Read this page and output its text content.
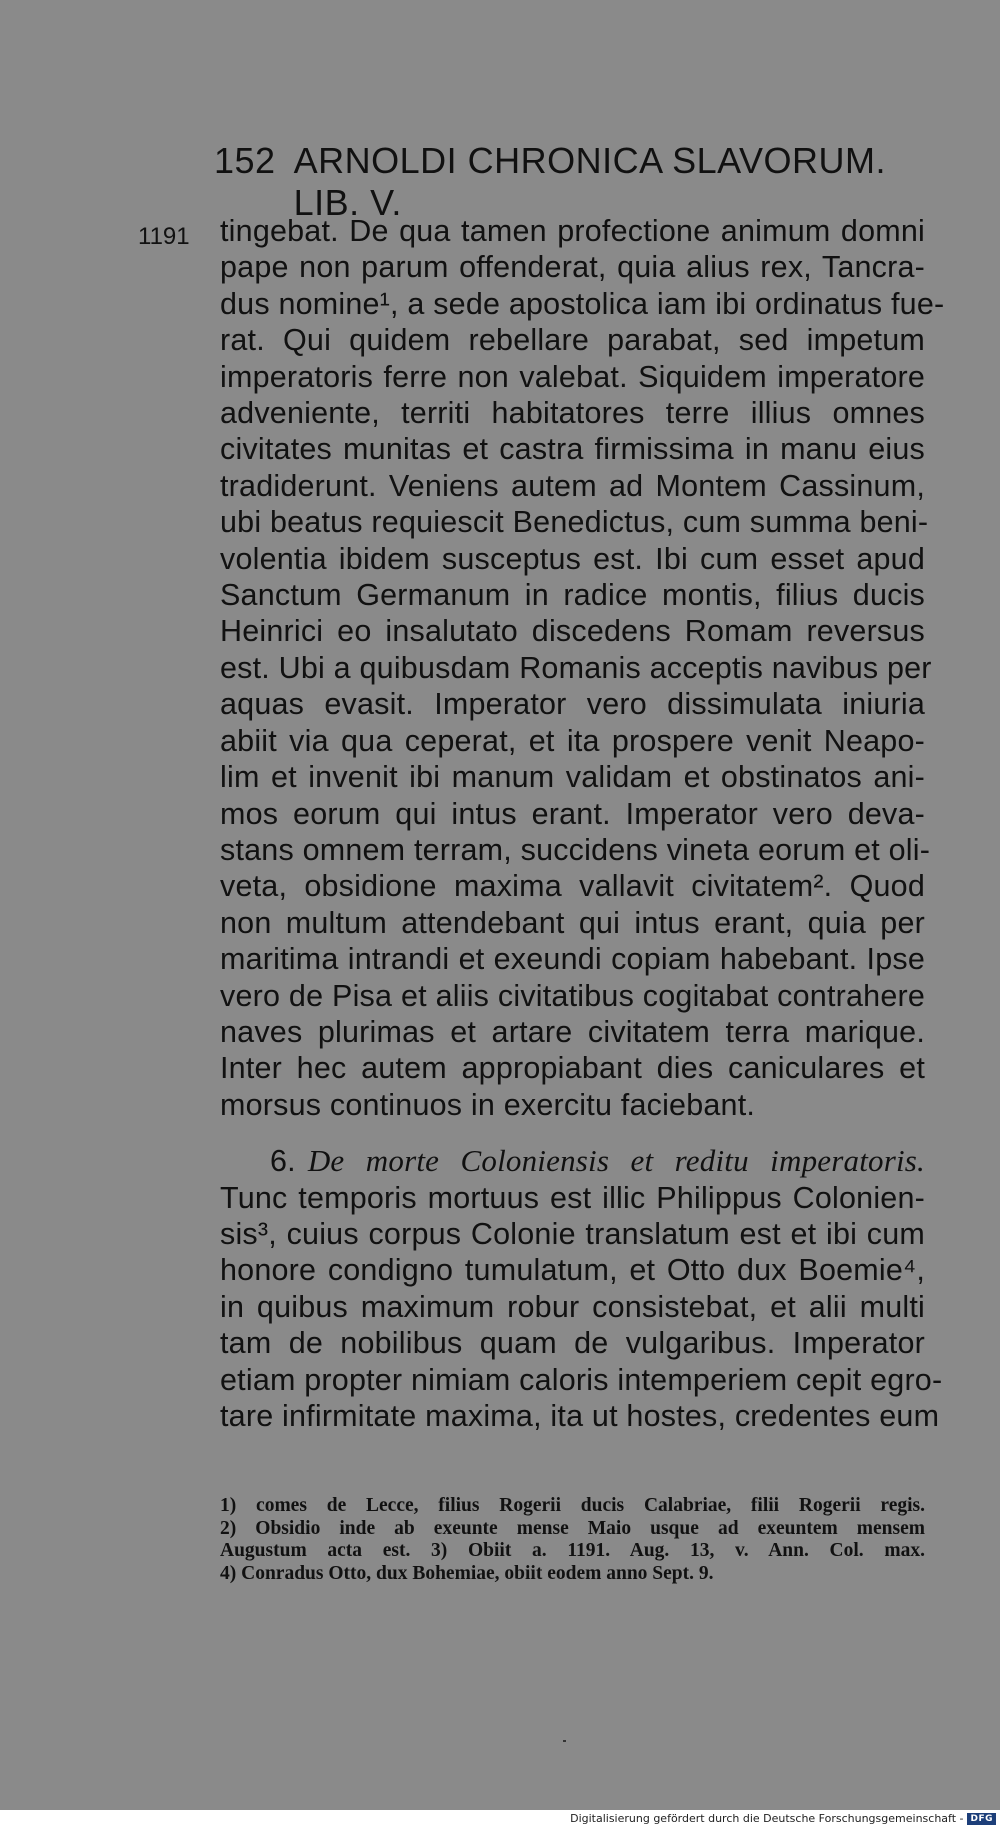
152 ARNOLDI CHRONICA SLAVORUM. LIB. V.
1191 tingebat. De qua tamen profectione animum domni
pape non parum offenderat, quia alius rex, Tancra-
dus nomine¹, a sede apostolica iam ibi ordinatus fue-
rat. Qui quidem rebellare parabat, sed impetum
imperatoris ferre non valebat. Siquidem imperatore
adveniente, territi habitatores terre illius omnes
civitates munitas et castra firmissima in manu eius
tradiderunt. Veniens autem ad Montem Cassinum,
ubi beatus requiescit Benedictus, cum summa beni-
volentia ibidem susceptus est. Ibi cum esset apud
Sanctum Germanum in radice montis, filius ducis
Heinrici eo insalutato discedens Romam reversus
est. Ubi a quibusdam Romanis acceptis navibus per
aquas evasit. Imperator vero dissimulata iniuria
abiit via qua ceperat, et ita prospere venit Neapo-
lim et invenit ibi manum validam et obstinatos ani-
mos eorum qui intus erant. Imperator vero deva-
stans omnem terram, succidens vineta eorum et oli-
veta, obsidione maxima vallavit civitatem². Quod
non multum attendebant qui intus erant, quia per
maritima intrandi et exeundi copiam habebant. Ipse
vero de Pisa et aliis civitatibus cogitabat contrahere
naves plurimas et artare civitatem terra marique.
Inter hec autem appropiabant dies caniculares et
morsus continuos in exercitu faciebant.
6. De morte Coloniensis et reditu imperatoris.
Tunc temporis mortuus est illic Philippus Colonien-
sis³, cuius corpus Colonie translatum est et ibi cum
honore condigno tumulatum, et Otto dux Boemie⁴,
in quibus maximum robur consistebat, et alii multi
tam de nobilibus quam de vulgaribus. Imperator
etiam propter nimiam caloris intemperiem cepit egro-
tare infirmitate maxima, ita ut hostes, credentes eum
1) comes de Lecce, filius Rogerii ducis Calabriae, filii Rogerii regis.
2) Obsidio inde ab exeunte mense Maio usque ad exeuntem mensem
Augustum acta est. 3) Obiit a. 1191. Aug. 13, v. Ann. Col. max.
4) Conradus Otto, dux Bohemiae, obiit eodem anno Sept. 9.
Digitalisierung gefördert durch die Deutsche Forschungsgemeinschaft - DFG
